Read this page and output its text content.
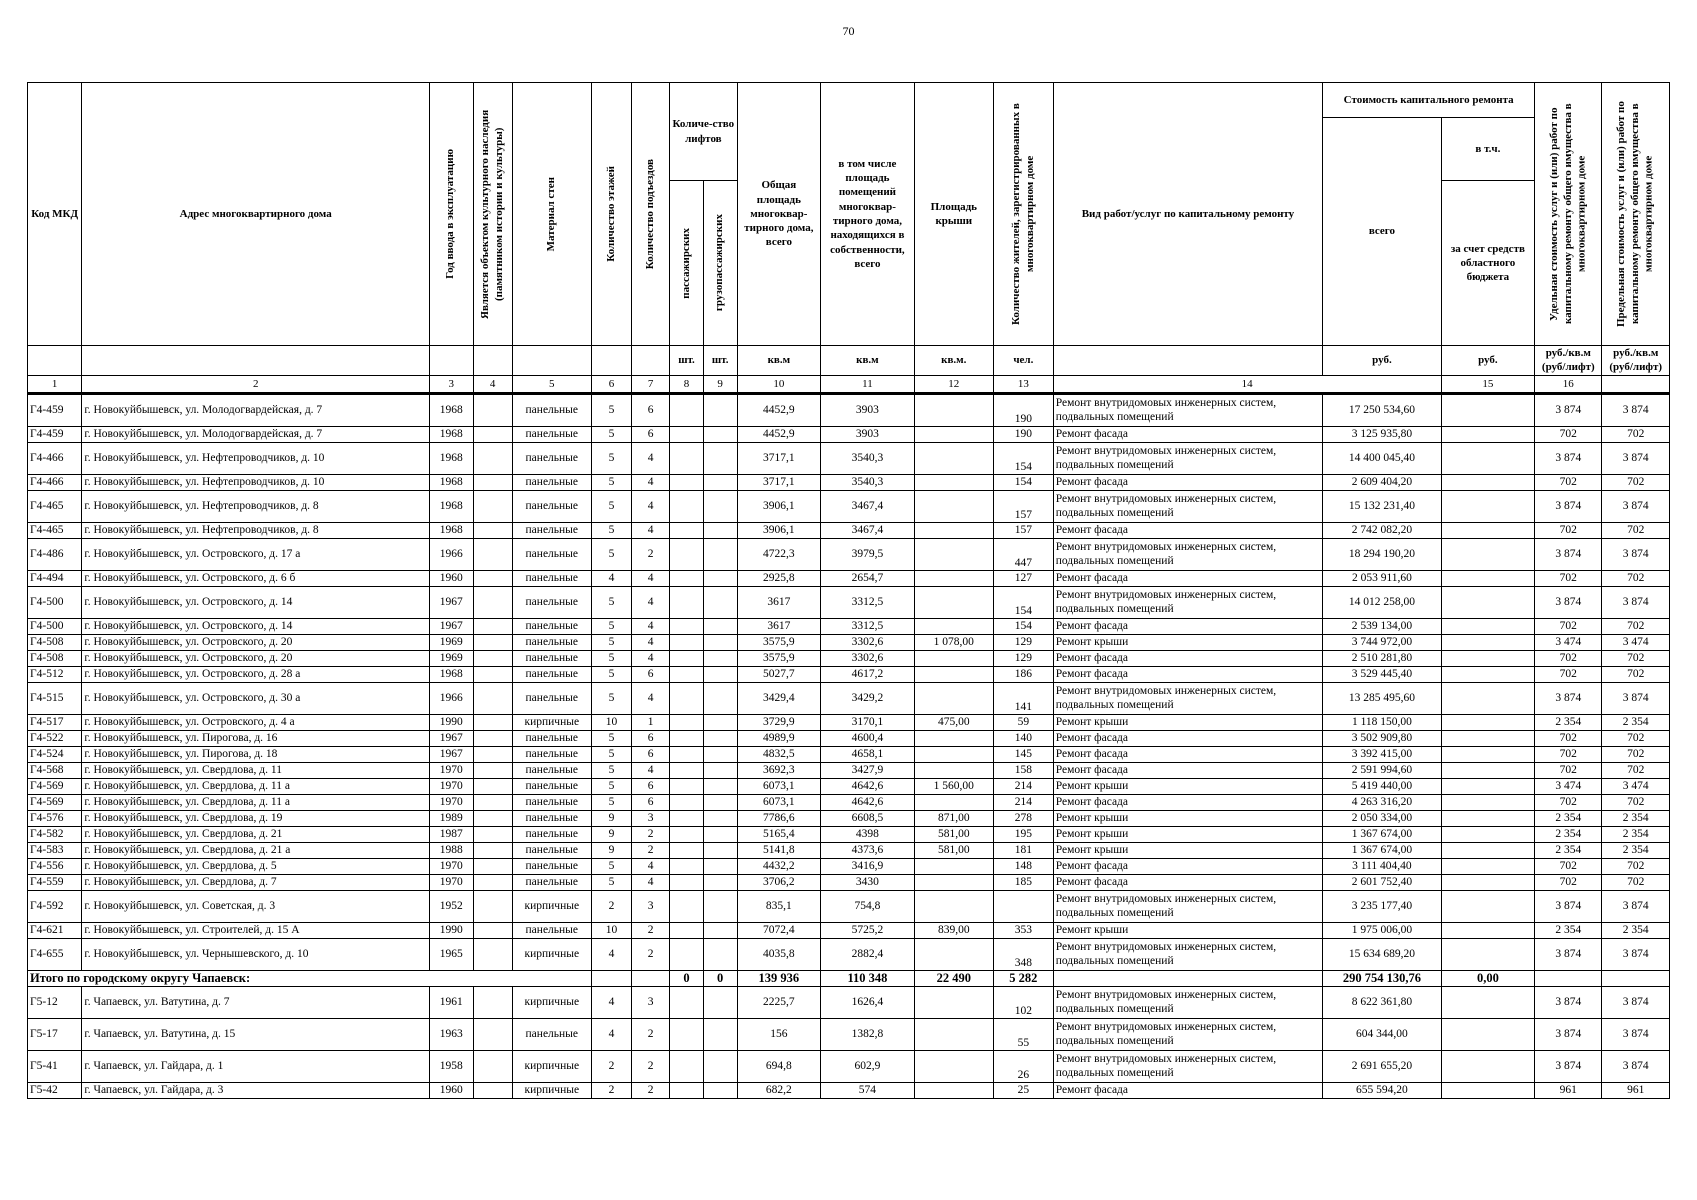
70
Код МКД	Адрес многоквартирного дома	Год ввода в эксплуатацию	Является объектом культурного наследия (памятником истории и культуры)	Материал стен	Количество этажей	Количество подъездов	Количе-ство лифтов		Общая площадь многоквар-тирного дома, всего	в том числе площадь помещений многоквар-тирного дома, находящихся в собственности, всего	Площадь крыши	Количество жителей, зарегистрированных в многоквартирном доме	Вид работ/услуг по капитальному ремонту	Стоимость капитального ремонта		Удельная стоимость услуг и (или) работ по капитальному ремонту общего имущества в многоквартирном доме	Предельная стоимость услуг и (или) работ по капитальному ремонту общего имущества в многоквартирном доме

														всего	в т.ч.		

							пассажирских	грузопассажирских							за счет средств областного бюджета		
							шт.	шт.	кв.м	кв.м	кв.м.	чел.		руб.	руб.	руб./кв.м (руб/лифт)	руб./кв.м (руб/лифт)
1	2	3	4	5	6	7	8	9	10	11	12	13	14		15	16	
Г4-459	г. Новокуйбышевск, ул. Молодогвардейская, д. 7	1968		панельные	5	6			4452,9	3903		190	Ремонт внутридомовых инженерных систем, подвальных помещений	17 250 534,60		3 874	3 874
Г4-459	г. Новокуйбышевск, ул. Молодогвардейская, д. 7	1968		панельные	5	6			4452,9	3903		190	Ремонт фасада	3 125 935,80		702	702
Г4-466	г. Новокуйбышевск, ул. Нефтепроводчиков, д. 10	1968		панельные	5	4			3717,1	3540,3		154	Ремонт внутридомовых инженерных систем, подвальных помещений	14 400 045,40		3 874	3 874
Г4-466	г. Новокуйбышевск, ул. Нефтепроводчиков, д. 10	1968		панельные	5	4			3717,1	3540,3		154	Ремонт фасада	2 609 404,20		702	702
Г4-465	г. Новокуйбышевск, ул. Нефтепроводчиков, д. 8	1968		панельные	5	4			3906,1	3467,4		157	Ремонт внутридомовых инженерных систем, подвальных помещений	15 132 231,40		3 874	3 874
Г4-465	г. Новокуйбышевск, ул. Нефтепроводчиков, д. 8	1968		панельные	5	4			3906,1	3467,4		157	Ремонт фасада	2 742 082,20		702	702
Г4-486	г. Новокуйбышевск, ул. Островского, д. 17 а	1966		панельные	5	2			4722,3	3979,5		447	Ремонт внутридомовых инженерных систем, подвальных помещений	18 294 190,20		3 874	3 874
Г4-494	г. Новокуйбышевск, ул. Островского, д. 6 б	1960		панельные	4	4			2925,8	2654,7		127	Ремонт фасада	2 053 911,60		702	702
Г4-500	г. Новокуйбышевск, ул. Островского, д. 14	1967		панельные	5	4			3617	3312,5		154	Ремонт внутридомовых инженерных систем, подвальных помещений	14 012 258,00		3 874	3 874
Г4-500	г. Новокуйбышевск, ул. Островского, д. 14	1967		панельные	5	4			3617	3312,5		154	Ремонт фасада	2 539 134,00		702	702
Г4-508	г. Новокуйбышевск, ул. Островского, д. 20	1969		панельные	5	4			3575,9	3302,6	1 078,00	129	Ремонт крыши	3 744 972,00		3 474	3 474
Г4-508	г. Новокуйбышевск, ул. Островского, д. 20	1969		панельные	5	4			3575,9	3302,6		129	Ремонт фасада	2 510 281,80		702	702
Г4-512	г. Новокуйбышевск, ул. Островского, д. 28 а	1968		панельные	5	6			5027,7	4617,2		186	Ремонт фасада	3 529 445,40		702	702
Г4-515	г. Новокуйбышевск, ул. Островского, д. 30 а	1966		панельные	5	4			3429,4	3429,2		141	Ремонт внутридомовых инженерных систем, подвальных помещений	13 285 495,60		3 874	3 874
Г4-517	г. Новокуйбышевск, ул. Островского, д. 4 а	1990		кирпичные	10	1			3729,9	3170,1	475,00	59	Ремонт крыши	1 118 150,00		2 354	2 354
Г4-522	г. Новокуйбышевск, ул. Пирогова, д. 16	1967		панельные	5	6			4989,9	4600,4		140	Ремонт фасада	3 502 909,80		702	702
Г4-524	г. Новокуйбышевск, ул. Пирогова, д. 18	1967		панельные	5	6			4832,5	4658,1		145	Ремонт фасада	3 392 415,00		702	702
Г4-568	г. Новокуйбышевск, ул. Свердлова, д. 11	1970		панельные	5	4			3692,3	3427,9		158	Ремонт фасада	2 591 994,60		702	702
Г4-569	г. Новокуйбышевск, ул. Свердлова, д. 11 а	1970		панельные	5	6			6073,1	4642,6	1 560,00	214	Ремонт крыши	5 419 440,00		3 474	3 474
Г4-569	г. Новокуйбышевск, ул. Свердлова, д. 11 а	1970		панельные	5	6			6073,1	4642,6		214	Ремонт фасада	4 263 316,20		702	702
Г4-576	г. Новокуйбышевск, ул. Свердлова, д. 19	1989		панельные	9	3			7786,6	6608,5	871,00	278	Ремонт крыши	2 050 334,00		2 354	2 354
Г4-582	г. Новокуйбышевск, ул. Свердлова, д. 21	1987		панельные	9	2			5165,4	4398	581,00	195	Ремонт крыши	1 367 674,00		2 354	2 354
Г4-583	г. Новокуйбышевск, ул. Свердлова, д. 21 а	1988		панельные	9	2			5141,8	4373,6	581,00	181	Ремонт крыши	1 367 674,00		2 354	2 354
Г4-556	г. Новокуйбышевск, ул. Свердлова, д. 5	1970		панельные	5	4			4432,2	3416,9		148	Ремонт фасада	3 111 404,40		702	702
Г4-559	г. Новокуйбышевск, ул. Свердлова, д. 7	1970		панельные	5	4			3706,2	3430		185	Ремонт фасада	2 601 752,40		702	702
Г4-592	г. Новокуйбышевск, ул. Советская, д. 3	1952		кирпичные	2	3			835,1	754,8			Ремонт внутридомовых инженерных систем, подвальных помещений	3 235 177,40		3 874	3 874
Г4-621	г. Новокуйбышевск, ул. Строителей, д. 15 А	1990		панельные	10	2			7072,4	5725,2	839,00	353	Ремонт крыши	1 975 006,00		2 354	2 354
Г4-655	г. Новокуйбышевск, ул. Чернышевского, д. 10	1965		кирпичные	4	2			4035,8	2882,4		348	Ремонт внутридомовых инженерных систем, подвальных помещений	15 634 689,20		3 874	3 874
Итого по городскому округу Чапаевск:							0	0	139 936	110 348	22 490	5 282		290 754 130,76	0,00		
Г5-12	г. Чапаевск, ул. Ватутина, д. 7	1961		кирпичные	4	3			2225,7	1626,4		102	Ремонт внутридомовых инженерных систем, подвальных помещений	8 622 361,80		3 874	3 874
Г5-17	г. Чапаевск, ул. Ватутина, д. 15	1963		панельные	4	2			156	1382,8		55	Ремонт внутридомовых инженерных систем, подвальных помещений	604 344,00		3 874	3 874
Г5-41	г. Чапаевск, ул. Гайдара, д. 1	1958		кирпичные	2	2			694,8	602,9		26	Ремонт внутридомовых инженерных систем, подвальных помещений	2 691 655,20		3 874	3 874
Г5-42	г. Чапаевск, ул. Гайдара, д. 3	1960		кирпичные	2	2			682,2	574		25	Ремонт фасада	655 594,20		961	961
